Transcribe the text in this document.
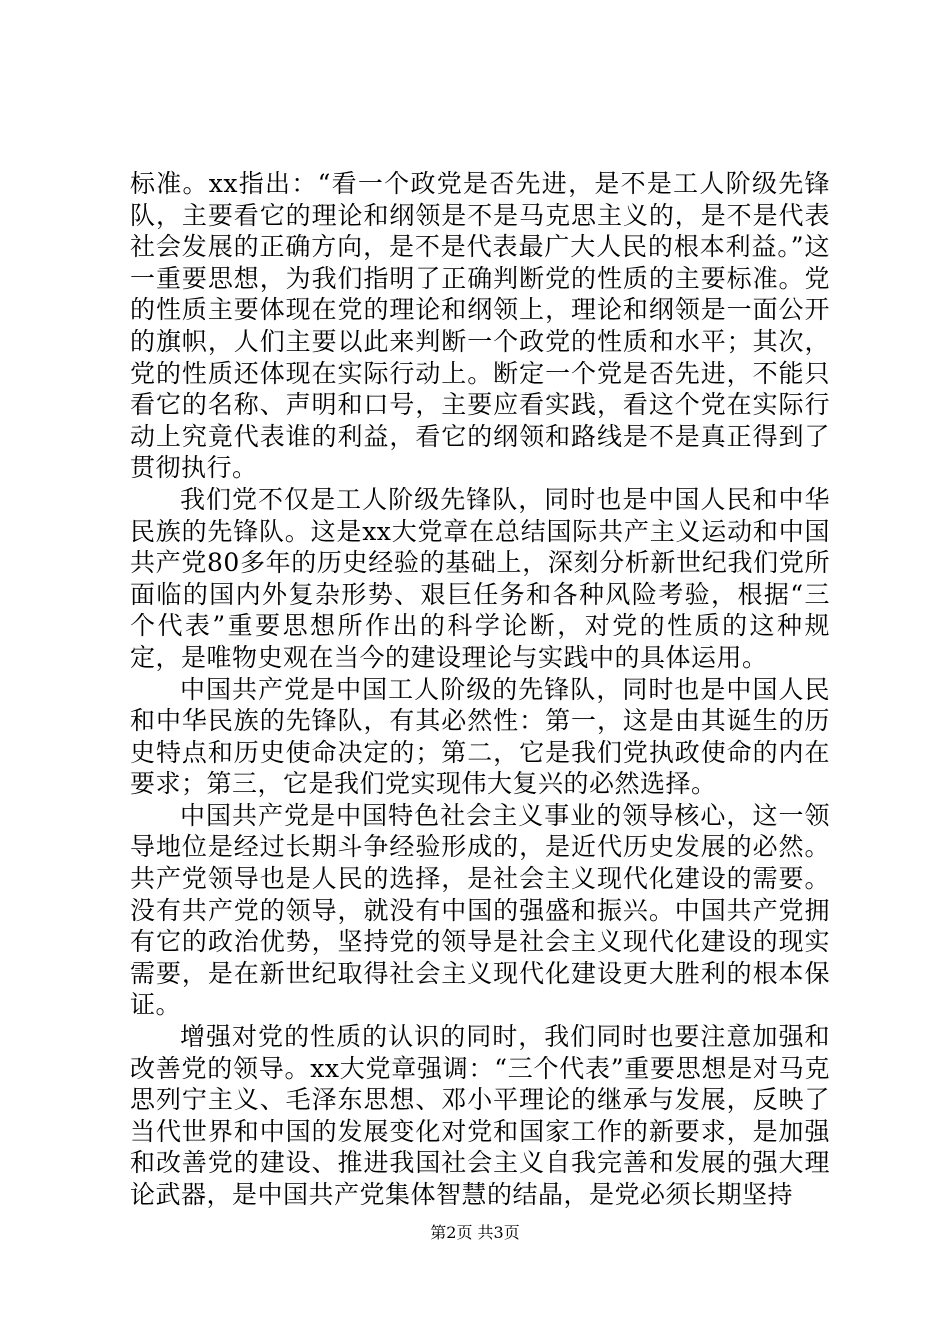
标准。xx指出：“看一个政党是否先进，是不是工人阶级先锋队，主要看它的理论和纲领是不是马克思主义的，是不是代表社会发展的正确方向，是不是代表最广大人民的根本利益。”这一重要思想，为我们指明了正确判断党的性质的主要标准。党的性质主要体现在党的理论和纲领上，理论和纲领是一面公开的旗帜，人们主要以此来判断一个政党的性质和水平；其次，党的性质还体现在实际行动上。断定一个党是否先进，不能只看它的名称、声明和口号，主要应看实践，看这个党在实际行动上究竟代表谁的利益，看它的纲领和路线是不是真正得到了贯彻执行。

我们党不仅是工人阶级先锋队，同时也是中国人民和中华民族的先锋队。这是xx大党章在总结国际共产主义运动和中国共产党80多年的历史经验的基础上，深刻分析新世纪我们党所面临的国内外复杂形势、艰巨任务和各种风险考验，根据“三个代表”重要思想所作出的科学论断，对党的性质的这种规定，是唯物史观在当今的建设理论与实践中的具体运用。

中国共产党是中国工人阶级的先锋队，同时也是中国人民和中华民族的先锋队，有其必然性：第一，这是由其诞生的历史特点和历史使命决定的；第二，它是我们党执政使命的内在要求；第三，它是我们党实现伟大复兴的必然选择。

中国共产党是中国特色社会主义事业的领导核心，这一领导地位是经过长期斗争经验形成的，是近代历史发展的必然。共产党领导也是人民的选择，是社会主义现代化建设的需要。没有共产党的领导，就没有中国的强盛和振兴。中国共产党拥有它的政治优势，坚持党的领导是社会主义现代化建设的现实需要，是在新世纪取得社会主义现代化建设更大胜利的根本保证。

增强对党的性质的认识的同时，我们同时也要注意加强和改善党的领导。xx大党章强调：“三个代表”重要思想是对马克思列宁主义、毛泽东思想、邓小平理论的继承与发展，反映了当代世界和中国的发展变化对党和国家工作的新要求，是加强和改善党的建设、推进我国社会主义自我完善和发展的强大理论武器，是中国共产党集体智慧的结晶，是党必须长期坚持

第2页 共3页
